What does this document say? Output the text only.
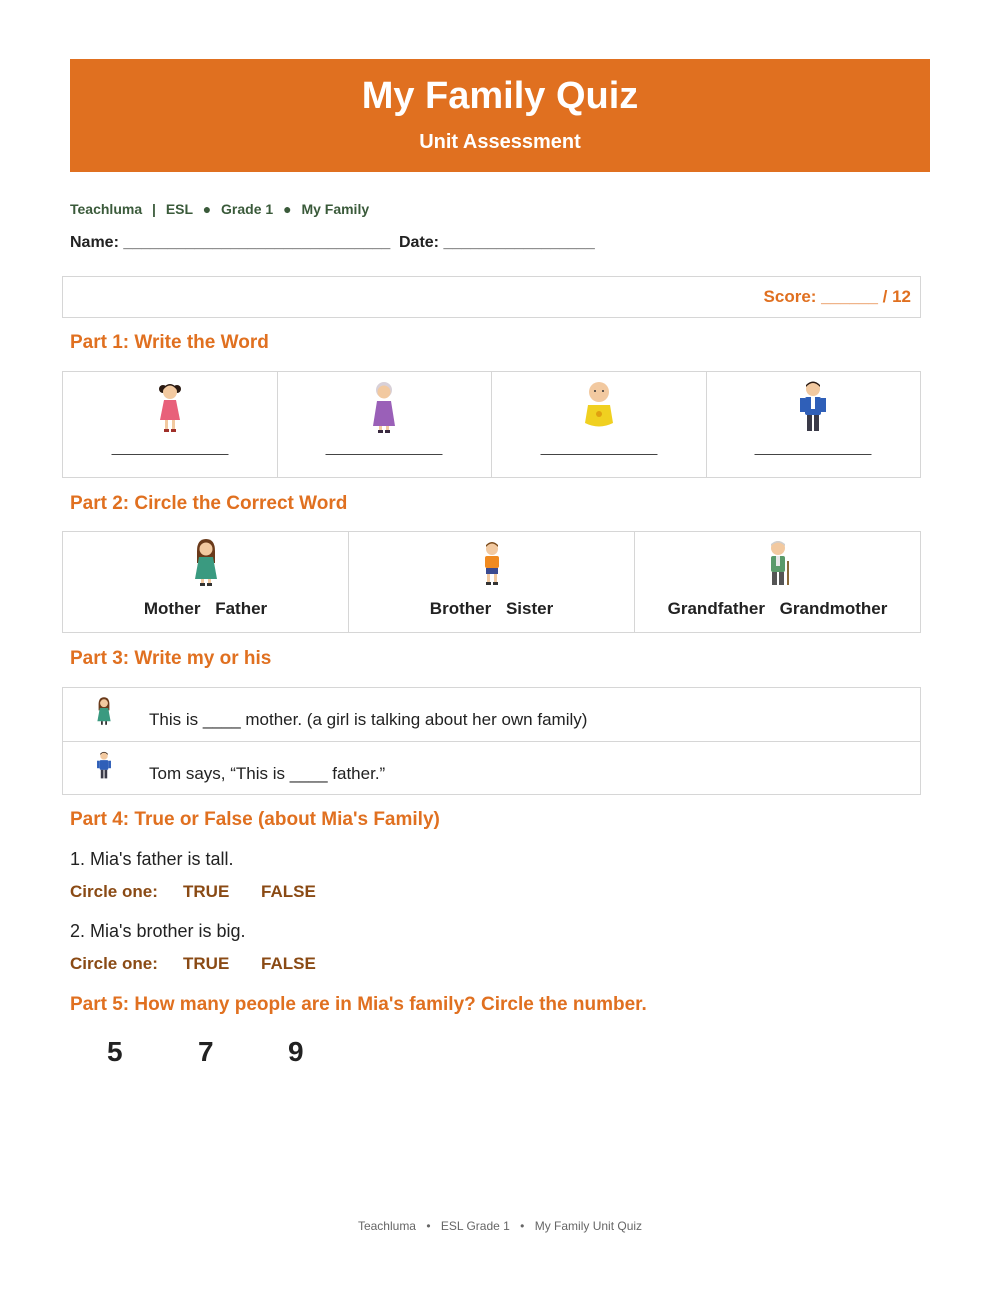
My Family Quiz
Unit Assessment
Teachluma | ESL ● Grade 1 ● My Family
Name: ______________________________ Date: _________________
Score: ______ / 12
Part 1: Write the Word
Part 2: Circle the Correct Word
Mother Father	Brother Sister	Grandfather Grandmother
Part 3: Write my or his
This is ____ mother. (a girl is talking about her own family)
Tom says, “This is ____ father.”
Part 4: True or False (about Mia's Family)
1. Mia's father is tall.
Circle one: TRUE FALSE
2. Mia's brother is big.
Circle one: TRUE FALSE
Part 5: How many people are in Mia's family? Circle the number.
5	7	9
Teachluma • ESL Grade 1 • My Family Unit Quiz
